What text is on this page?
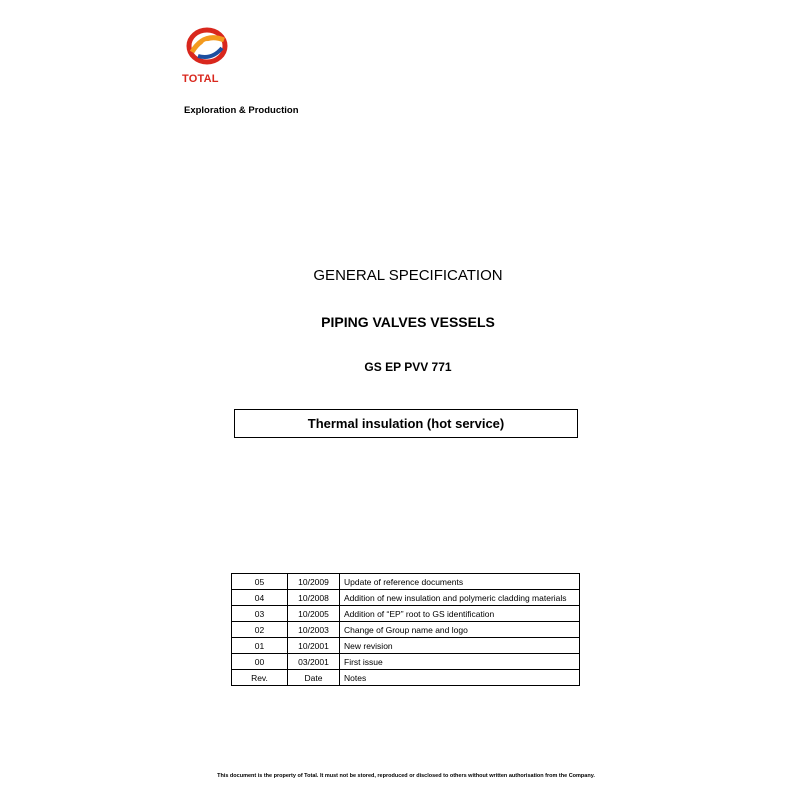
TOTAL
Exploration & Production
GENERAL SPECIFICATION
PIPING VALVES VESSELS
GS EP PVV 771
Thermal insulation (hot service)
05	10/2009	Update of reference documents
04	10/2008	Addition of new insulation and polymeric cladding materials
03	10/2005	Addition of “EP” root to GS identification
02	10/2003	Change of Group name and logo
01	10/2001	New revision
00	03/2001	First issue
Rev.	Date	Notes
This document is the property of Total. It must not be stored, reproduced or disclosed to others without written authorisation from the Company.
